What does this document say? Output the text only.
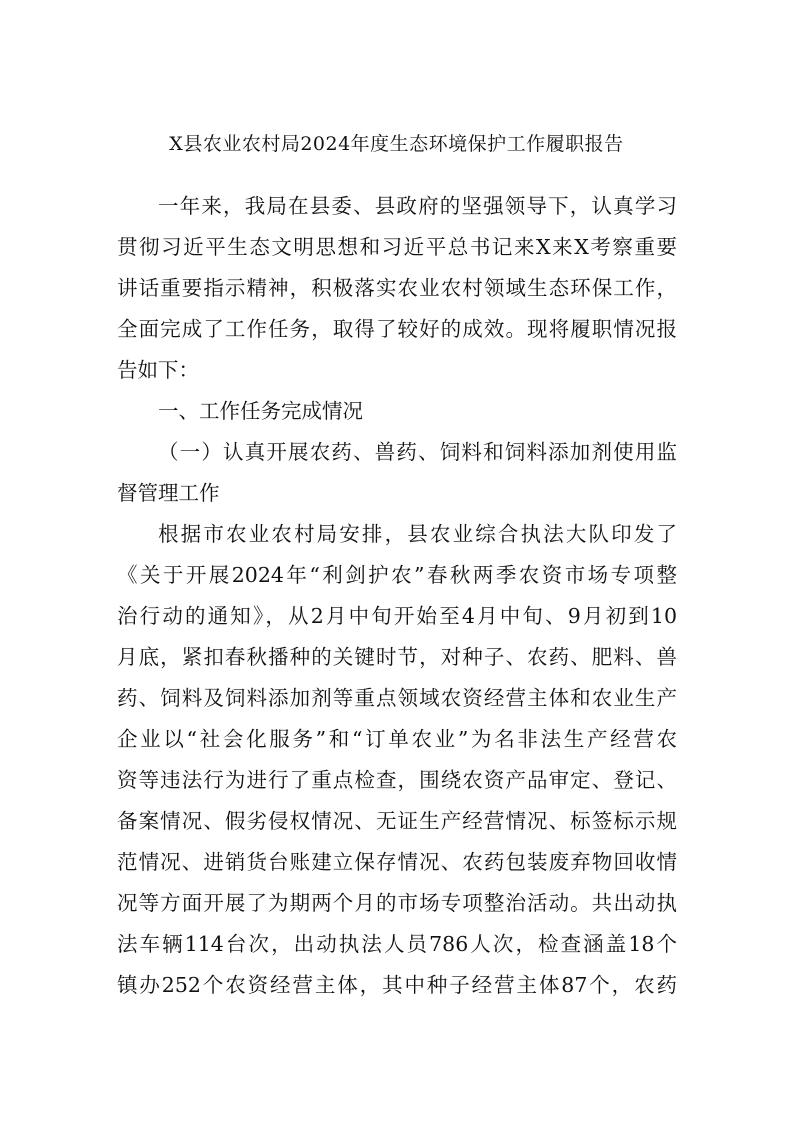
X县农业农村局2024年度生态环境保护工作履职报告
一年来，我局在县委、县政府的坚强领导下，认真学习
贯彻习近平生态文明思想和习近平总书记来X来X考察重要
讲话重要指示精神，积极落实农业农村领域生态环保工作，
全面完成了工作任务，取得了较好的成效。现将履职情况报
告如下：
一、工作任务完成情况
（一）认真开展农药、兽药、饲料和饲料添加剂使用监
督管理工作
根据市农业农村局安排，县农业综合执法大队印发了
《关于开展2024年“利剑护农”春秋两季农资市场专项整
治行动的通知》，从2月中旬开始至4月中旬、9月初到10
月底，紧扣春秋播种的关键时节，对种子、农药、肥料、兽
药、饲料及饲料添加剂等重点领域农资经营主体和农业生产
企业以“社会化服务”和“订单农业”为名非法生产经营农
资等违法行为进行了重点检查，围绕农资产品审定、登记、
备案情况、假劣侵权情况、无证生产经营情况、标签标示规
范情况、进销货台账建立保存情况、农药包装废弃物回收情
况等方面开展了为期两个月的市场专项整治活动。共出动执
法车辆114台次，出动执法人员786人次，检查涵盖18个
镇办252个农资经营主体，其中种子经营主体87个，农药
